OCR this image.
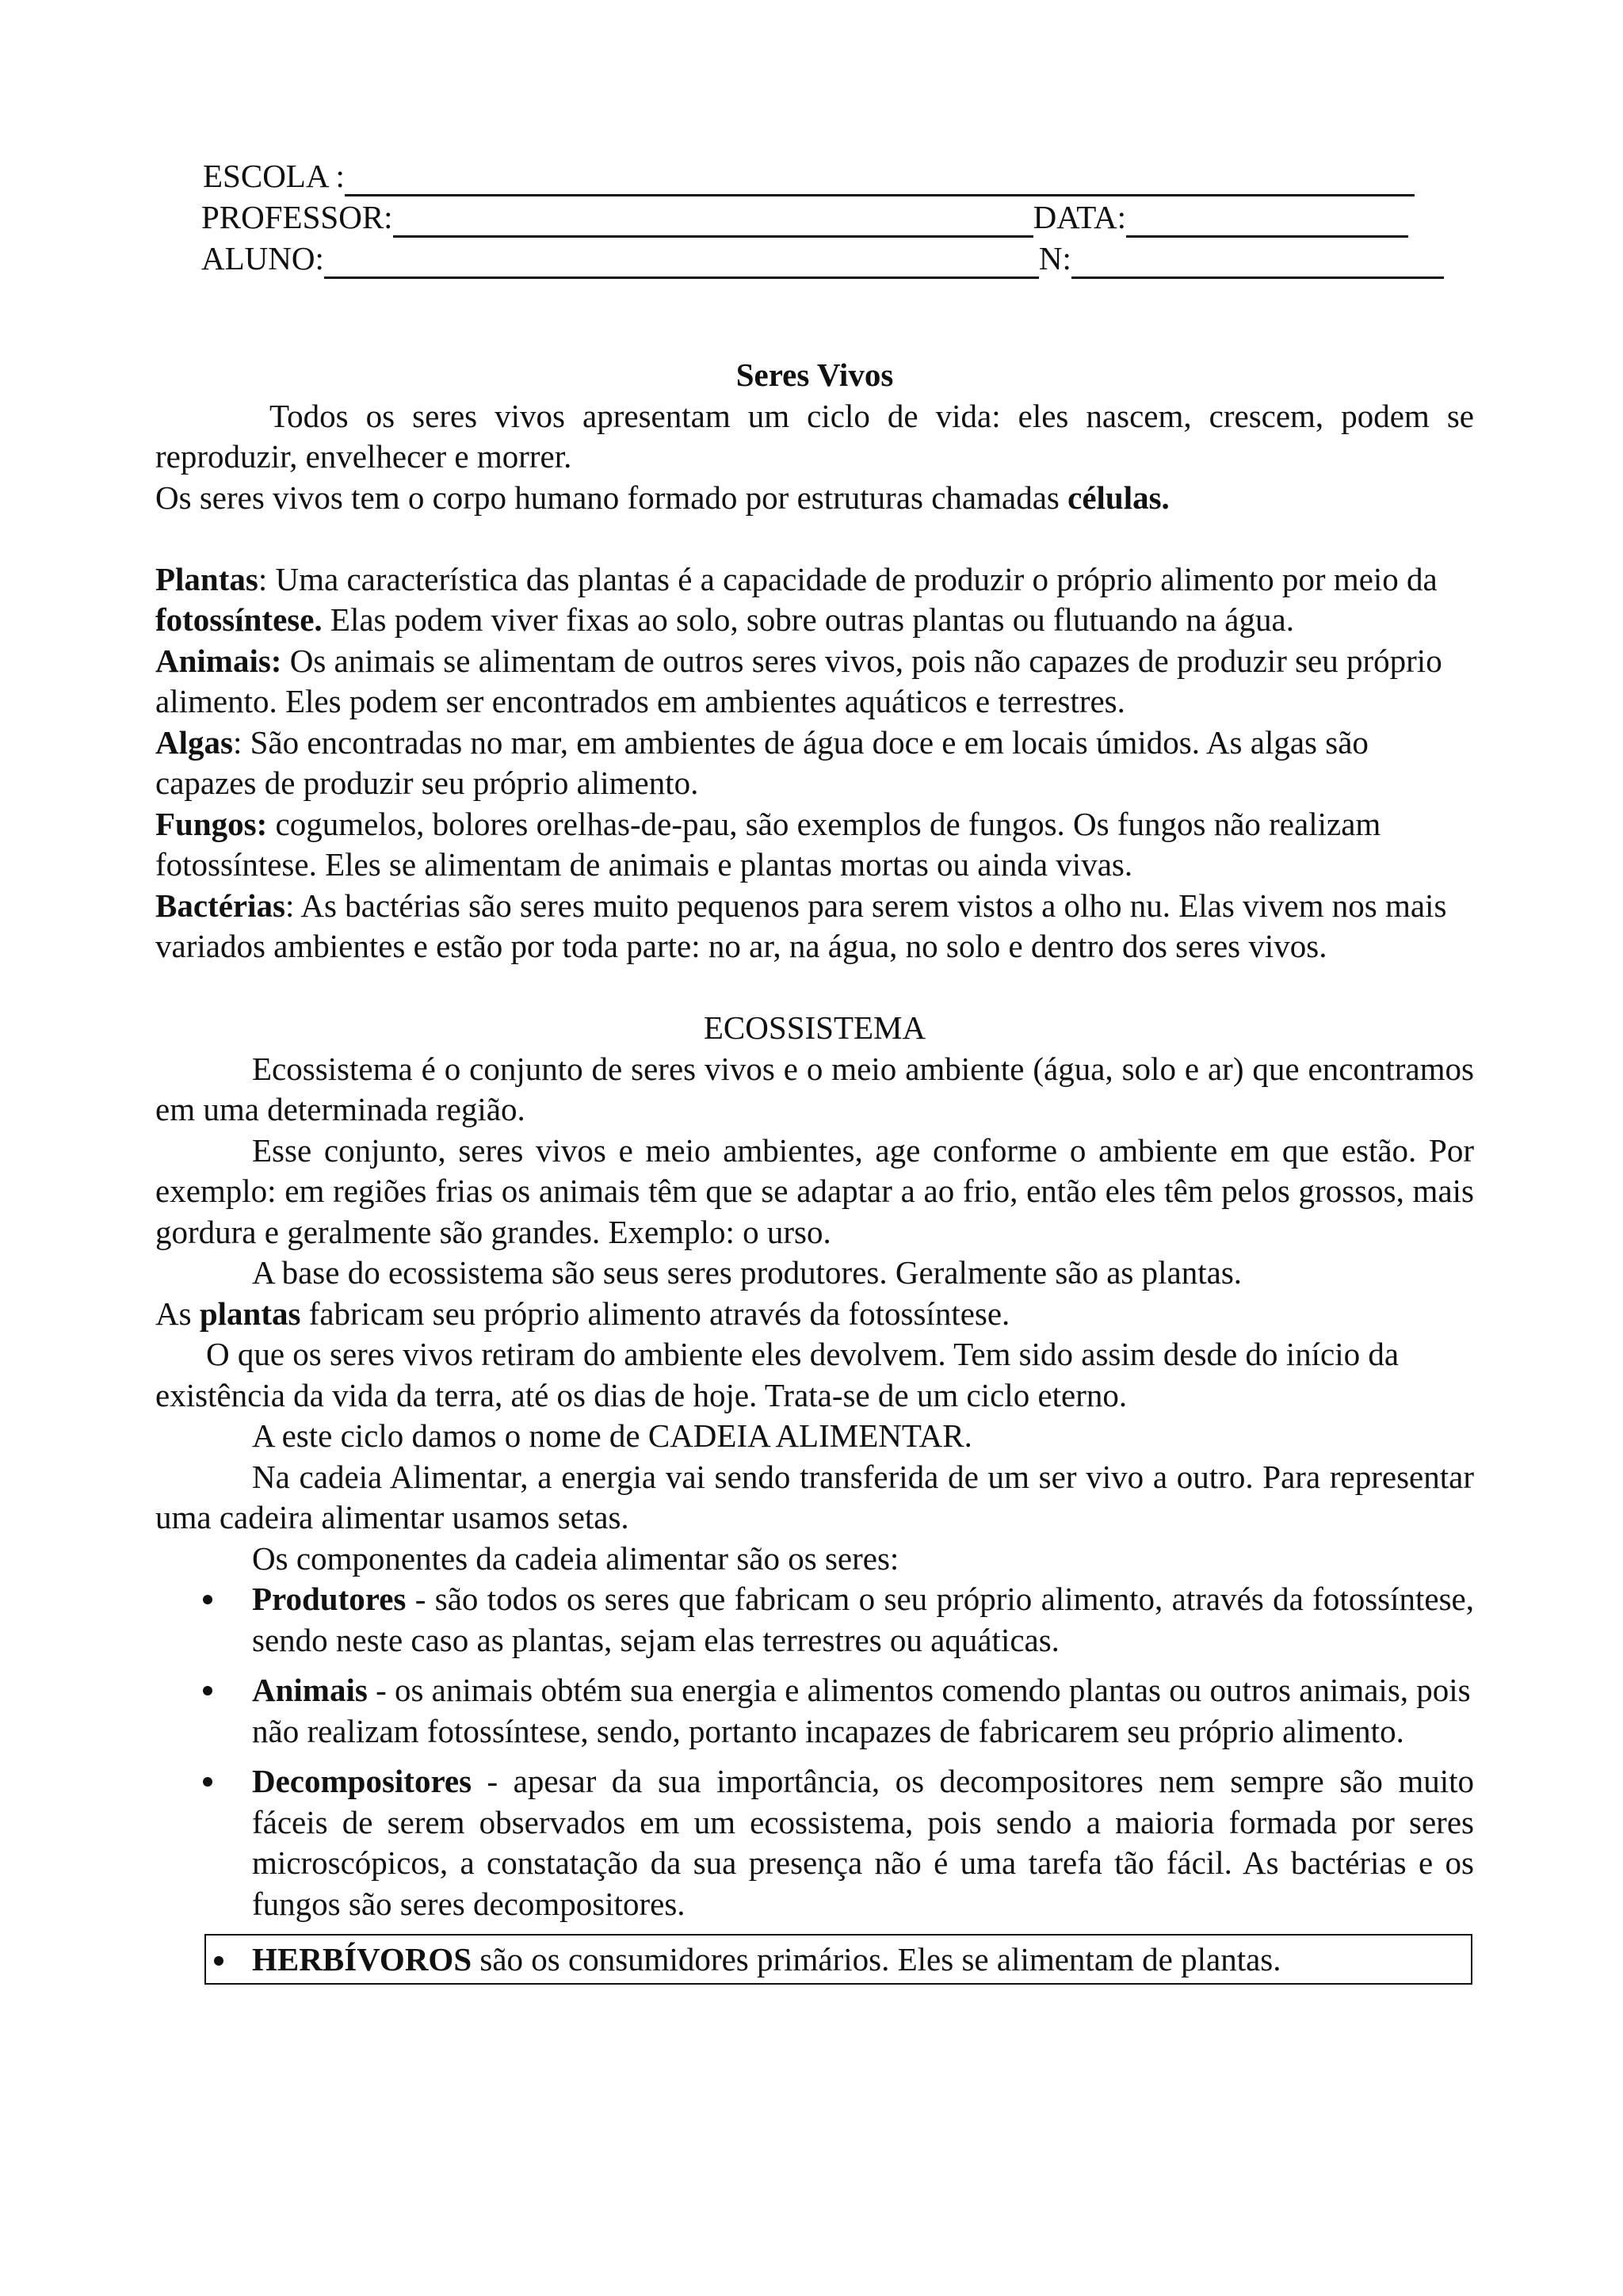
ESCOLA :
PROFESSOR:	DATA:
ALUNO:	N:

Seres Vivos

Todos os seres vivos apresentam um ciclo de vida: eles nascem, crescem, podem se reproduzir, envelhecer e morrer.

Os seres vivos tem o corpo humano formado por estruturas chamadas células.

Plantas: Uma característica das plantas é a capacidade de produzir o próprio alimento por meio da fotossíntese. Elas podem viver fixas ao solo, sobre outras plantas ou flutuando na água.

Animais: Os animais se alimentam de outros seres vivos, pois não capazes de produzir seu próprio alimento. Eles podem ser encontrados em ambientes aquáticos e terrestres.

Algas: São encontradas no mar, em ambientes de água doce e em locais úmidos. As algas são capazes de produzir seu próprio alimento.

Fungos: cogumelos, bolores orelhas-de-pau, são exemplos de fungos. Os fungos não realizam fotossíntese. Eles se alimentam de animais e plantas mortas ou ainda vivas.

Bactérias: As bactérias são seres muito pequenos para serem vistos a olho nu. Elas vivem nos mais variados ambientes e estão por toda parte: no ar, na água, no solo e dentro dos seres vivos.

ECOSSISTEMA

Ecossistema é o conjunto de seres vivos e o meio ambiente (água, solo e ar) que encontramos em uma determinada região.

Esse conjunto, seres vivos e meio ambientes, age conforme o ambiente em que estão. Por exemplo: em regiões frias os animais têm que se adaptar a ao frio, então eles têm pelos grossos, mais gordura e geralmente são grandes. Exemplo: o urso.

A base do ecossistema são seus seres produtores. Geralmente são as plantas.

As plantas fabricam seu próprio alimento através da fotossíntese.

O que os seres vivos retiram do ambiente eles devolvem. Tem sido assim desde do início da existência da vida da terra, até os dias de hoje. Trata-se de um ciclo eterno.

A este ciclo damos o nome de CADEIA ALIMENTAR.

Na cadeia Alimentar, a energia vai sendo transferida de um ser vivo a outro. Para representar uma cadeira alimentar usamos setas.

Os componentes da cadeia alimentar são os seres:

Produtores - são todos os seres que fabricam o seu próprio alimento, através da fotossíntese, sendo neste caso as plantas, sejam elas terrestres ou aquáticas.
Animais - os animais obtém sua energia e alimentos comendo plantas ou outros animais, pois não realizam fotossíntese, sendo, portanto incapazes de fabricarem seu próprio alimento.
Decompositores - apesar da sua importância, os decompositores nem sempre são muito fáceis de serem observados em um ecossistema, pois sendo a maioria formada por seres microscópicos, a constatação da sua presença não é uma tarefa tão fácil. As bactérias e os fungos são seres decompositores.
HERBÍVOROS são os consumidores primários. Eles se alimentam de plantas.
